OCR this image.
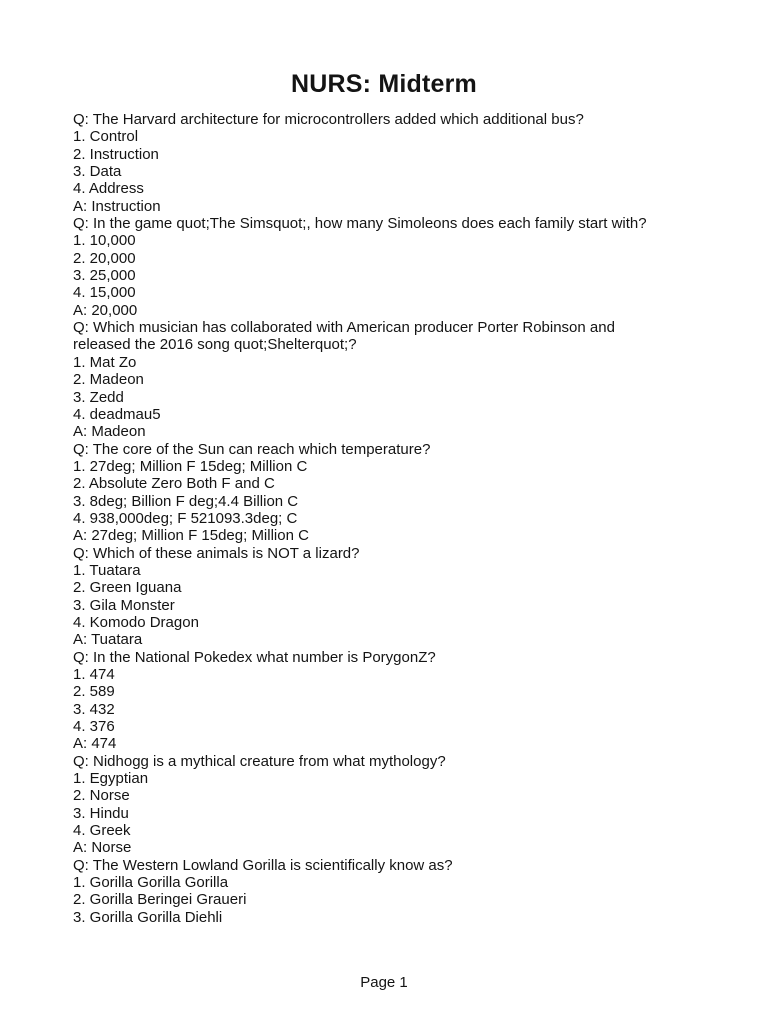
NURS: Midterm
Q: The Harvard architecture for microcontrollers added which additional bus?
1. Control
2. Instruction
3. Data
4. Address
A: Instruction
Q: In the game quot;The Simsquot;, how many Simoleons does each family start with?
1. 10,000
2. 20,000
3. 25,000
4. 15,000
A: 20,000
Q: Which musician has collaborated with American producer Porter Robinson and
released the 2016 song quot;Shelterquot;?
1. Mat Zo
2. Madeon
3. Zedd
4. deadmau5
A: Madeon
Q: The core of the Sun can reach which temperature?
1. 27deg; Million F 15deg; Million C
2. Absolute Zero Both F and C
3. 8deg; Billion F deg;4.4 Billion C
4. 938,000deg; F 521093.3deg; C
A: 27deg; Million F 15deg; Million C
Q: Which of these animals is NOT a lizard?
1. Tuatara
2. Green Iguana
3. Gila Monster
4. Komodo Dragon
A: Tuatara
Q: In the National Pokedex what number is PorygonZ?
1. 474
2. 589
3. 432
4. 376
A: 474
Q: Nidhogg is a mythical creature from what mythology?
1. Egyptian
2. Norse
3. Hindu
4. Greek
A: Norse
Q: The Western Lowland Gorilla is scientifically know as?
1. Gorilla Gorilla Gorilla
2. Gorilla Beringei Graueri
3. Gorilla Gorilla Diehli
Page 1
